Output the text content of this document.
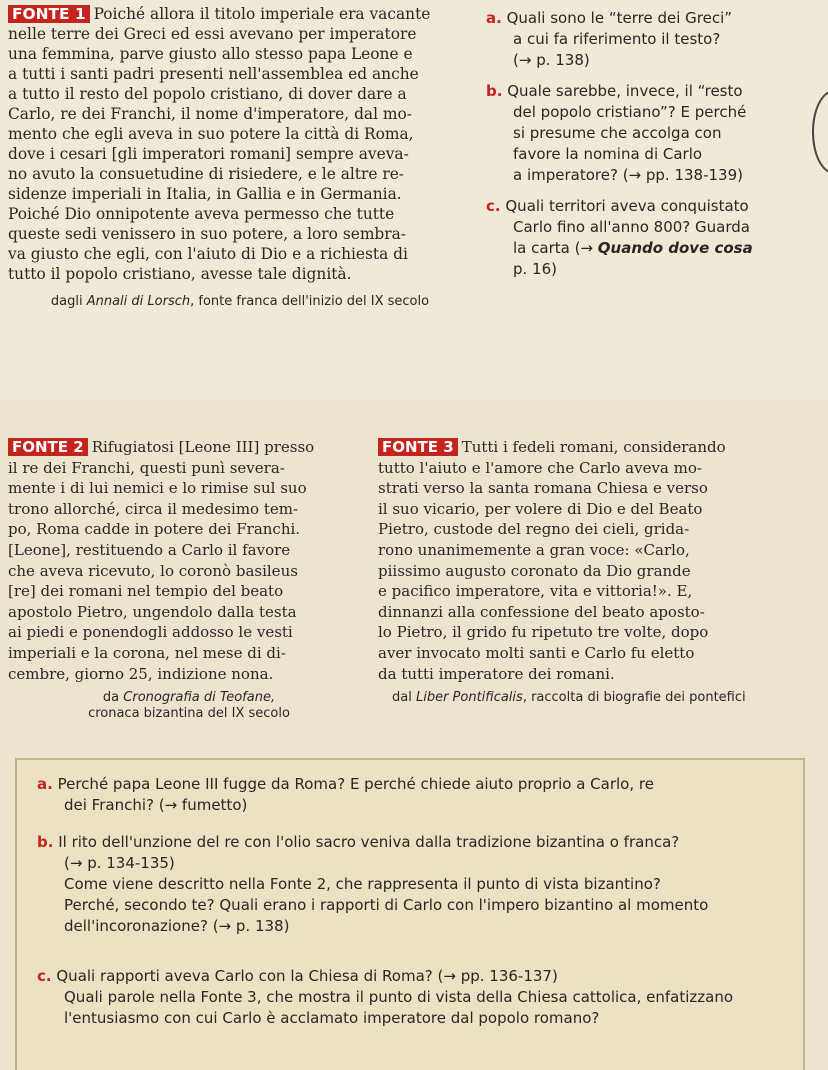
FONTE 1 Poiché allora il titolo imperiale era vacante

nelle terre dei Greci ed essi avevano per imperatore

una femmina, parve giusto allo stesso papa Leone e

a tutti i santi padri presenti nell'assemblea ed anche

a tutto il resto del popolo cristiano, di dover dare a

Carlo, re dei Franchi, il nome d'imperatore, dal mo-

mento che egli aveva in suo potere la città di Roma,

dove i cesari [gli imperatori romani] sempre aveva-

no avuto la consuetudine di risiedere, e le altre re-

sidenze imperiali in Italia, in Gallia e in Germania.

Poiché Dio onnipotente aveva permesso che tutte

queste sedi venissero in suo potere, a loro sembra-

va giusto che egli, con l'aiuto di Dio e a richiesta di

tutto il popolo cristiano, avesse tale dignità.

dagli Annali di Lorsch, fonte franca dell'inizio del IX secolo

a. Quali sono le “terre dei Greci”

a cui fa riferimento il testo?

(→ p. 138)

b. Quale sarebbe, invece, il “resto

del popolo cristiano”? E perché

si presume che accolga con

favore la nomina di Carlo

a imperatore? (→ pp. 138-139)

c. Quali territori aveva conquistato

Carlo fino all'anno 800? Guarda

la carta (→ Quando dove cosa

p. 16)

FONTE 2 Rifugiatosi [Leone III] presso

il re dei Franchi, questi punì severa-

mente i di lui nemici e lo rimise sul suo

trono allorché, circa il medesimo tem-

po, Roma cadde in potere dei Franchi.

[Leone], restituendo a Carlo il favore

che aveva ricevuto, lo coronò basileus

[re] dei romani nel tempio del beato

apostolo Pietro, ungendolo dalla testa

ai piedi e ponendogli addosso le vesti

imperiali e la corona, nel mese di di-

cembre, giorno 25, indizione nona.

da Cronografia di Teofane,
cronaca bizantina del IX secolo

FONTE 3 Tutti i fedeli romani, considerando

tutto l'aiuto e l'amore che Carlo aveva mo-

strati verso la santa romana Chiesa e verso

il suo vicario, per volere di Dio e del Beato

Pietro, custode del regno dei cieli, grida-

rono unanimemente a gran voce: «Carlo,

piissimo augusto coronato da Dio grande

e pacifico imperatore, vita e vittoria!». E,

dinnanzi alla confessione del beato aposto-

lo Pietro, il grido fu ripetuto tre volte, dopo

aver invocato molti santi e Carlo fu eletto

da tutti imperatore dei romani.

dal Liber Pontificalis, raccolta di biografie dei pontefici

a. Perché papa Leone III fugge da Roma? E perché chiede aiuto proprio a Carlo, re

dei Franchi? (→ fumetto)

b. Il rito dell'unzione del re con l'olio sacro veniva dalla tradizione bizantina o franca?

(→ p. 134-135)

Come viene descritto nella Fonte 2, che rappresenta il punto di vista bizantino?

Perché, secondo te? Quali erano i rapporti di Carlo con l'impero bizantino al momento

dell'incoronazione? (→ p. 138)

c. Quali rapporti aveva Carlo con la Chiesa di Roma? (→ pp. 136-137)

Quali parole nella Fonte 3, che mostra il punto di vista della Chiesa cattolica, enfatizzano

l'entusiasmo con cui Carlo è acclamato imperatore dal popolo romano?
